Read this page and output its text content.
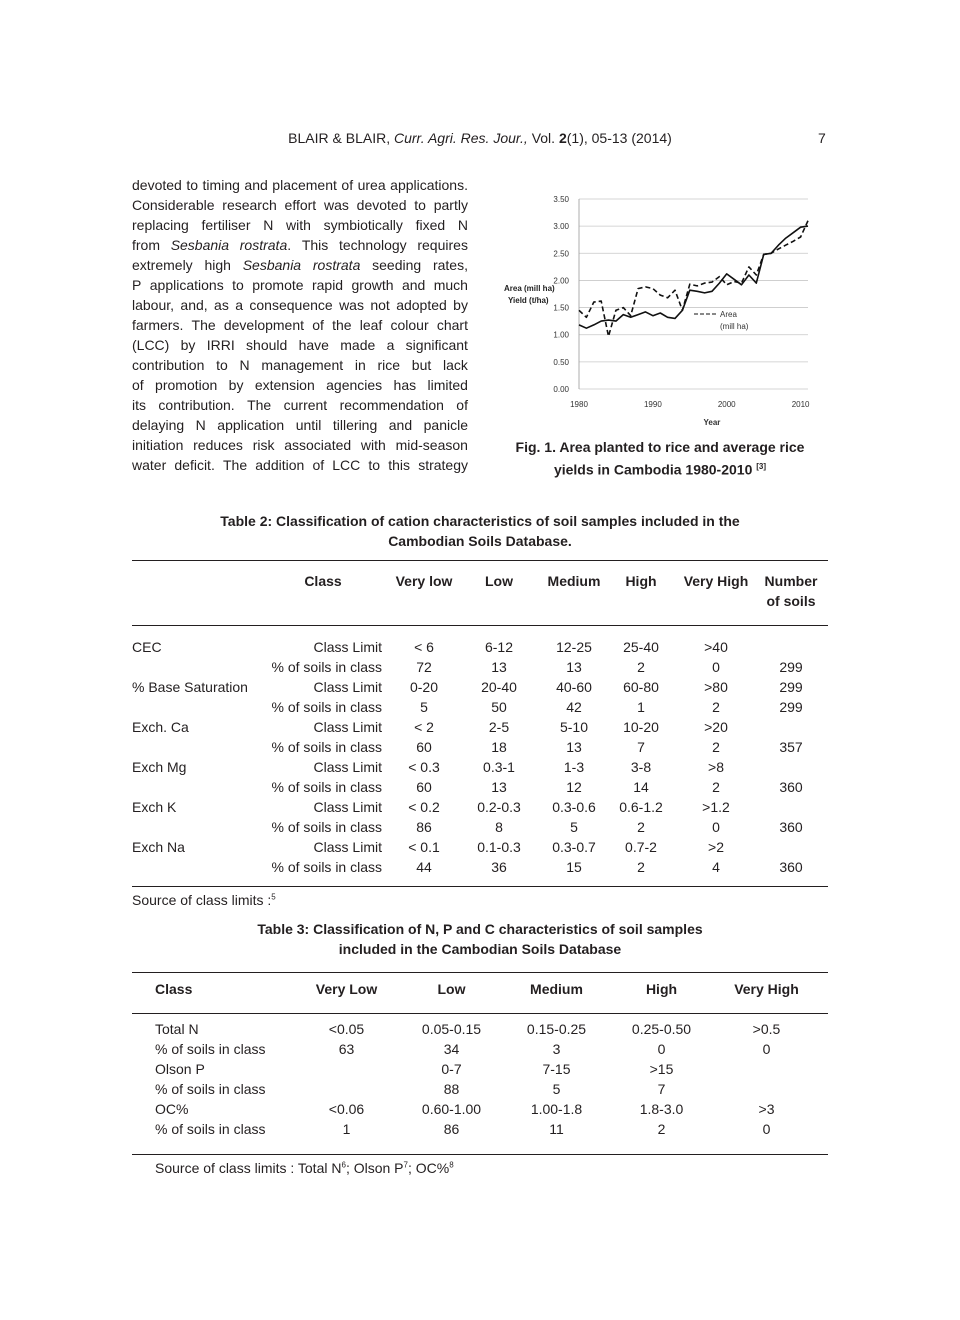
BLAIR & BLAIR, Curr. Agri. Res. Jour., Vol. 2(1), 05-13 (2014)	7
devoted to timing and placement of urea applications.
Considerable research effort was devoted to partly
replacing fertiliser N with symbiotically fixed N
from Sesbania rostrata. This technology requires
extremely high Sesbania rostrata seeding rates,
P applications to promote rapid growth and much
labour, and, as a consequence was not adopted by
farmers. The development of the leaf colour chart
(LCC) by IRRI should have made a significant
contribution to N management in rice but lack
of promotion by extension agencies has limited
its contribution. The current recommendation of
delaying N application until tillering and panicle
initiation reduces risk associated with mid-season
water deficit. The addition of LCC to this strategy
0.00
0.50
1.00
1.50
2.00
2.50
3.00
3.50
1980	1990	2000	2010
Year
Area (mill ha)
Yield (t/ha)
Area
(mill ha)
Fig. 1. Area planted to rice and average rice
yields in Cambodia 1980-2010 [3]
Table 2: Classification of cation characteristics of soil samples included in the
Cambodian Soils Database.
	Class	Very low	Low	Medium	High	Very High	Number
of soils

CEC	Class Limit	< 6	6-12	12-25	25-40	>40	
	% of soils in class	72	13	13	2	0	299
% Base Saturation	Class Limit	0-20	20-40	40-60	60-80	>80	299
	% of soils in class	5	50	42	1	2	299
Exch. Ca	Class Limit	< 2	2-5	5-10	10-20	>20	
	% of soils in class	60	18	13	7	2	357
Exch Mg	Class Limit	< 0.3	0.3-1	1-3	3-8	>8	
	% of soils in class	60	13	12	14	2	360
Exch K	Class Limit	< 0.2	0.2-0.3	0.3-0.6	0.6-1.2	>1.2	
	% of soils in class	86	8	5	2	0	360
Exch Na	Class Limit	< 0.1	0.1-0.3	0.3-0.7	0.7-2	>2	
	% of soils in class	44	36	15	2	4	360
Source of class limits :$^5$
Table 3: Classification of N, P and C characteristics of soil samples
included in the Cambodian Soils Database
Class	Very Low	Low	Medium	High	Very High

Total N	<0.05	0.05-0.15	0.15-0.25	0.25-0.50	>0.5
% of soils in class	63	34	3	0	0
Olson P		0-7	7-15	>15	
% of soils in class		88	5	7	
OC%	<0.06	0.60-1.00	1.00-1.8	1.8-3.0	>3
% of soils in class	1	86	11	2	0
Source of class limits : Total $N^6$; Olson $P^7$; OC%$^8$
